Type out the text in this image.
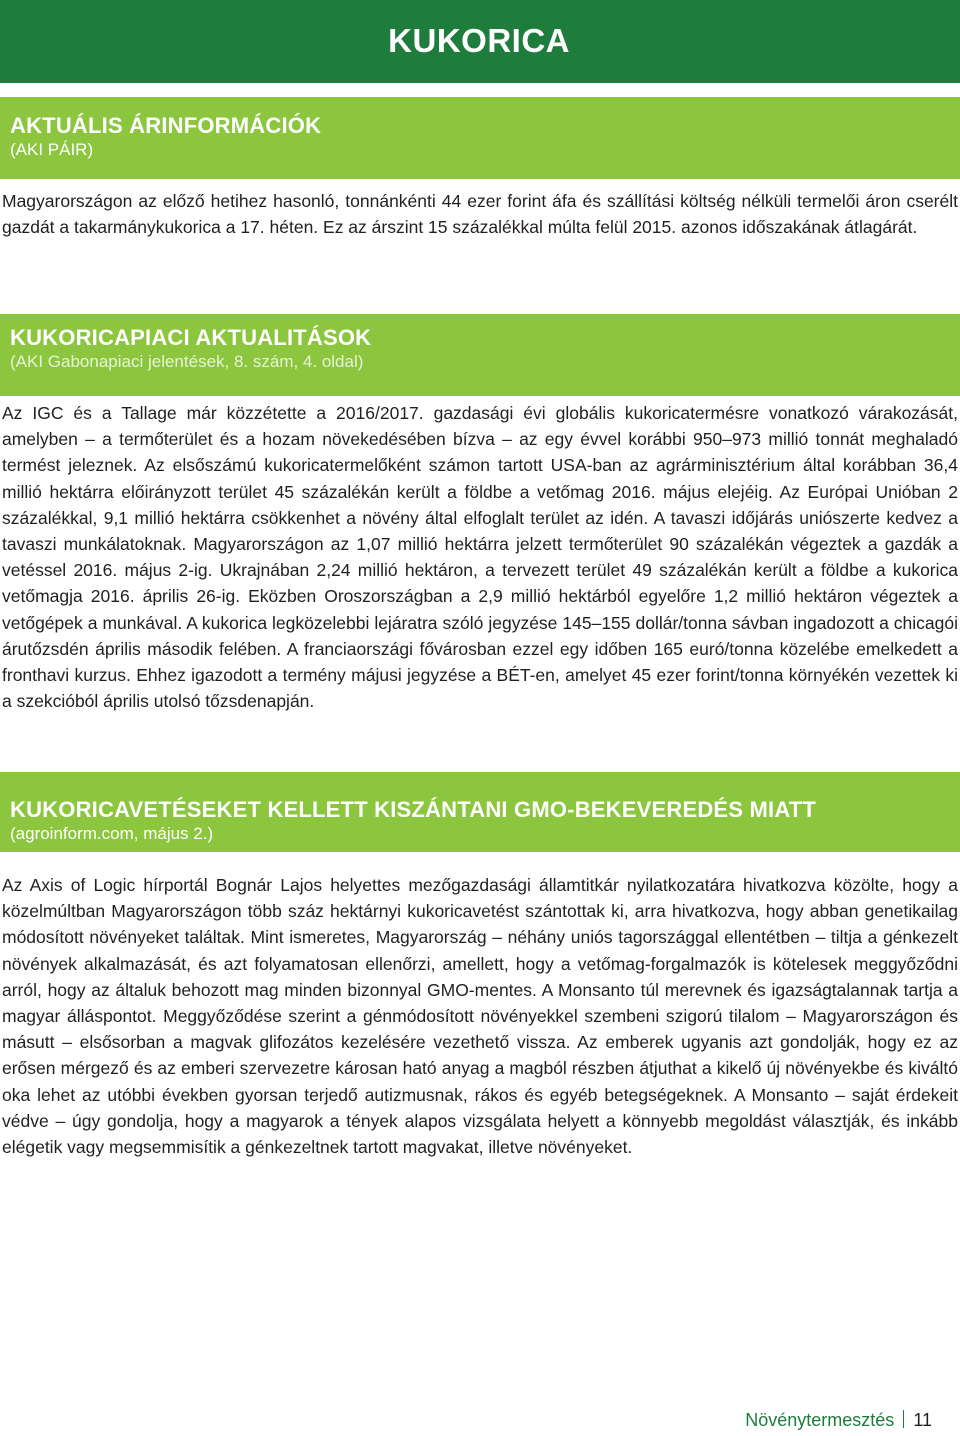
KUKORICA
AKTUÁLIS ÁRINFORMÁCIÓK
(AKI PÁIR)
Magyarországon az előző hetihez hasonló, tonnánkénti 44 ezer forint áfa és szállítási költség nélküli termelői áron cserélt gazdát a takarmánykukorica a 17. héten. Ez az árszint 15 százalékkal múlta felül 2015. azonos időszakának átlagárát.
KUKORICAPIACI AKTUALITÁSOK
(AKI Gabonapiaci jelentések, 8. szám, 4. oldal)
Az IGC és a Tallage már közzétette a 2016/2017. gazdasági évi globális kukoricatermésre vonatkozó várakozását, amelyben – a termőterület és a hozam növekedésében bízva – az egy évvel korábbi 950–973 millió tonnát meghaladó termést jeleznek. Az elsőszámú kukoricatermelőként számon tartott USA-ban az agrárminisztérium által korábban 36,4 millió hektárra előirányzott terület 45 százalékán került a földbe a vetőmag 2016. május elejéig. Az Európai Unióban 2 százalékkal, 9,1 millió hektárra csökkenhet a növény által elfoglalt terület az idén. A tavaszi időjárás uniószerte kedvez a tavaszi munkálatoknak. Magyarországon az 1,07 millió hektárra jelzett termőterület 90 százalékán végeztek a gazdák a vetéssel 2016. május 2-ig. Ukrajnában 2,24 millió hektáron, a tervezett terület 49 százalékán került a földbe a kukorica vetőmagja 2016. április 26-ig. Eközben Oroszországban a 2,9 millió hektárból egyelőre 1,2 millió hektáron végeztek a vetőgépek a munkával. A kukorica legközelebbi lejáratra szóló jegyzése 145–155 dollár/tonna sávban ingadozott a chicagói árutőzsdén április második felében. A franciaországi fővárosban ezzel egy időben 165 euró/tonna közelébe emelkedett a fronthavi kurzus. Ehhez igazodott a termény májusi jegyzése a BÉT-en, amelyet 45 ezer forint/tonna környékén vezettek ki a szekcióból április utolsó tőzsdenapján.
KUKORICAVETÉSEKET KELLETT KISZÁNTANI GMO-BEKEVEREDÉS MIATT
(agroinform.com, május 2.)
Az Axis of Logic hírportál Bognár Lajos helyettes mezőgazdasági államtitkár nyilatkozatára hivatkozva közölte, hogy a közelmúltban Magyarországon több száz hektárnyi kukoricavetést szántottak ki, arra hivatkozva, hogy abban genetikailag módosított növényeket találtak. Mint ismeretes, Magyarország – néhány uniós tagországgal ellentétben – tiltja a génkezelt növények alkalmazását, és azt folyamatosan ellenőrzi, amellett, hogy a vetőmag-forgalmazók is kötelesek meggyőződni arról, hogy az általuk behozott mag minden bizonnyal GMO-mentes. A Monsanto túl merevnek és igazságtalannak tartja a magyar álláspontot. Meggyőződése szerint a génmódosított növényekkel szembeni szigorú tilalom – Magyarországon és másutt – elsősorban a magvak glifozátos kezelésére vezethető vissza. Az emberek ugyanis azt gondolják, hogy ez az erősen mérgező és az emberi szervezetre károsan ható anyag a magból részben átjuthat a kikelő új növényekbe és kiváltó oka lehet az utóbbi években gyorsan terjedő autizmusnak, rákos és egyéb betegségeknek. A Monsanto – saját érdekeit védve – úgy gondolja, hogy a magyarok a tények alapos vizsgálata helyett a könnyebb megoldást választják, és inkább elégetik vagy megsemmisítik a génkezeltnek tartott magvakat, illetve növényeket.
Növénytermesztés 11
